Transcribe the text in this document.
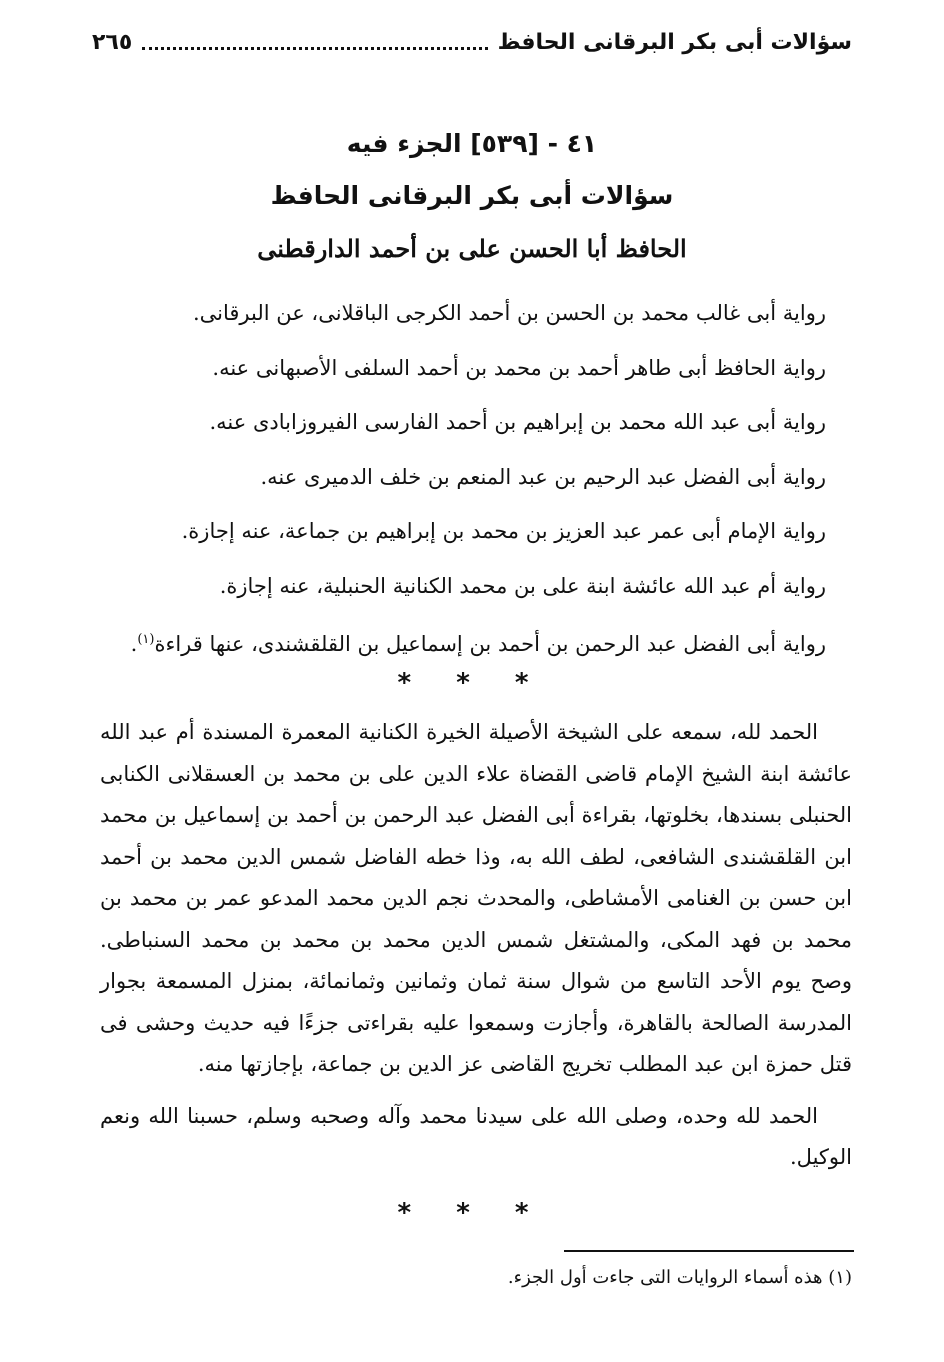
سؤالات أبى بكر البرقانى الحافظ
٢٦٥

٤١ - [٥٣٩] الجزء فيه

سؤالات أبى بكر البرقانى الحافظ

الحافظ أبا الحسن على بن أحمد الدارقطنى

رواية أبى غالب محمد بن الحسن بن أحمد الكرجى الباقلانى، عن البرقانى.
رواية الحافظ أبى طاهر أحمد بن محمد بن أحمد السلفى الأصبهانى عنه.
رواية أبى عبد الله محمد بن إبراهيم بن أحمد الفارسى الفيروزابادى عنه.
رواية أبى الفضل عبد الرحيم بن عبد المنعم بن خلف الدميرى عنه.
رواية الإمام أبى عمر عبد العزيز بن محمد بن إبراهيم بن جماعة، عنه إجازة.
رواية أم عبد الله عائشة ابنة على بن محمد الكنانية الحنبلية، عنه إجازة.
رواية أبى الفضل عبد الرحمن بن أحمد بن إسماعيل بن القلقشندى، عنها قراءة$^{(١)}$.
* * *

الحمد لله، سمعه على الشيخة الأصيلة الخيرة الكنانية المعمرة المسندة أم عبد الله عائشة ابنة الشيخ الإمام قاضى القضاة علاء الدين على بن محمد بن العسقلانى الكنابى الحنبلى بسندها، بخلوتها، بقراءة أبى الفضل عبد الرحمن بن أحمد بن إسماعيل بن محمد ابن القلقشندى الشافعى، لطف الله به، وذا خطه الفاضل شمس الدين محمد بن أحمد ابن حسن بن الغنامى الأمشاطى، والمحدث نجم الدين محمد المدعو عمر بن محمد بن محمد بن فهد المكى، والمشتغل شمس الدين محمد بن محمد بن محمد السنباطى. وصح يوم الأحد التاسع من شوال سنة ثمان وثمانين وثمانمائة، بمنزل المسمعة بجوار المدرسة الصالحة بالقاهرة، وأجازت وسمعوا عليه بقراءتى جزءًا فيه حديث وحشى فى قتل حمزة ابن عبد المطلب تخريج القاضى عز الدين بن جماعة، بإجازتها منه.

الحمد لله وحده، وصلى الله على سيدنا محمد وآله وصحبه وسلم، حسبنا الله ونعم الوكيل.

* * *

(١) هذه أسماء الروايات التى جاءت أول الجزء.
